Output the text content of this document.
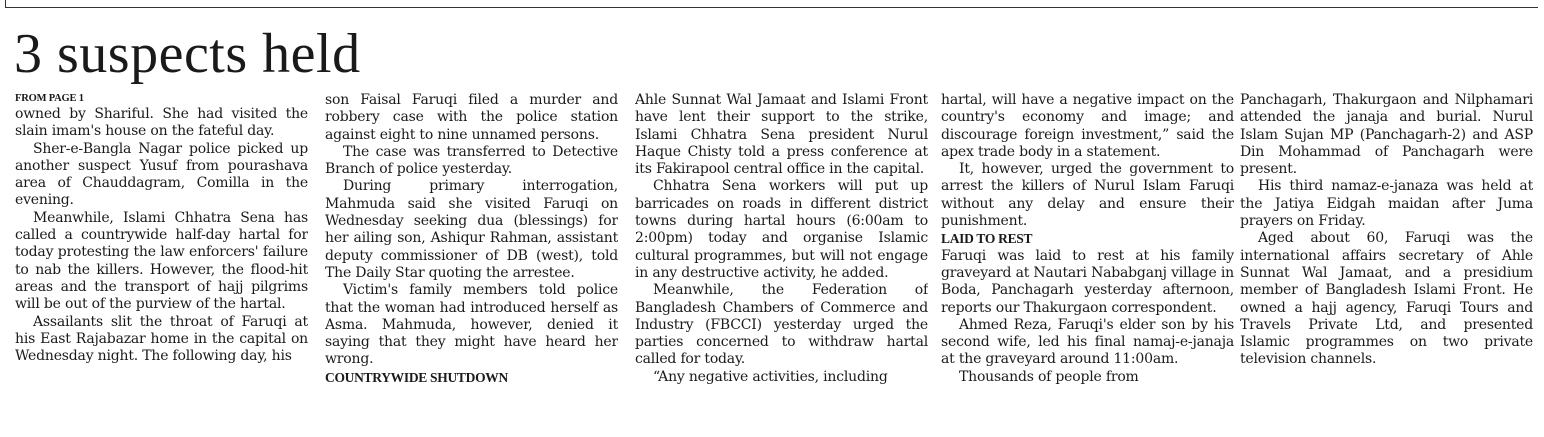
3 suspects held
FROM PAGE 1

owned by Shariful. She had visited the slain imam's house on the fateful day.

Sher-e-Bangla Nagar police picked up another suspect Yusuf from pourashava area of Chauddagram, Comilla in the evening.

Meanwhile, Islami Chhatra Sena has called a countrywide half-day hartal for today protesting the law enforcers' failure to nab the killers. However, the flood-hit areas and the transport of hajj pilgrims will be out of the purview of the hartal.

Assailants slit the throat of Faruqi at his East Rajabazar home in the capital on Wednesday night. The following day, his

son Faisal Faruqi filed a murder and robbery case with the police station against eight to nine unnamed persons.

The case was transferred to Detective Branch of police yesterday.

During primary interrogation, Mahmuda said she visited Faruqi on Wednesday seeking dua (blessings) for her ailing son, Ashiqur Rahman, assistant deputy commissioner of DB (west), told The Daily Star quoting the arrestee.

Victim's family members told police that the woman had introduced herself as Asma. Mahmuda, however, denied it saying that they might have heard her wrong.

COUNTRYWIDE SHUTDOWN

Ahle Sunnat Wal Jamaat and Islami Front have lent their support to the strike, Islami Chhatra Sena president Nurul Haque Chisty told a press conference at its Fakirapool central office in the capital.

Chhatra Sena workers will put up barricades on roads in different district towns during hartal hours (6:00am to 2:00pm) today and organise Islamic cultural programmes, but will not engage in any destructive activity, he added.

Meanwhile, the Federation of Bangladesh Chambers of Commerce and Industry (FBCCI) yesterday urged the parties concerned to withdraw hartal called for today.

“Any negative activities, including

hartal, will have a negative impact on the country's economy and image; and discourage foreign investment,” said the apex trade body in a statement.

It, however, urged the government to arrest the killers of Nurul Islam Faruqi without any delay and ensure their punishment.

LAID TO REST

Faruqi was laid to rest at his family graveyard at Nautari Nababganj village in Boda, Panchagarh yesterday afternoon, reports our Thakurgaon correspondent.

Ahmed Reza, Faruqi's elder son by his second wife, led his final namaj-e-janaja at the graveyard around 11:00am.

Thousands of people from

Panchagarh, Thakurgaon and Nilphamari attended the janaja and burial. Nurul Islam Sujan MP (Panchagarh-2) and ASP Din Mohammad of Panchagarh were present.

His third namaz-e-janaza was held at the Jatiya Eidgah maidan after Juma prayers on Friday.

Aged about 60, Faruqi was the international affairs secretary of Ahle Sunnat Wal Jamaat, and a presidium member of Bangladesh Islami Front. He owned a hajj agency, Faruqi Tours and Travels Private Ltd, and presented Islamic programmes on two private television channels.
